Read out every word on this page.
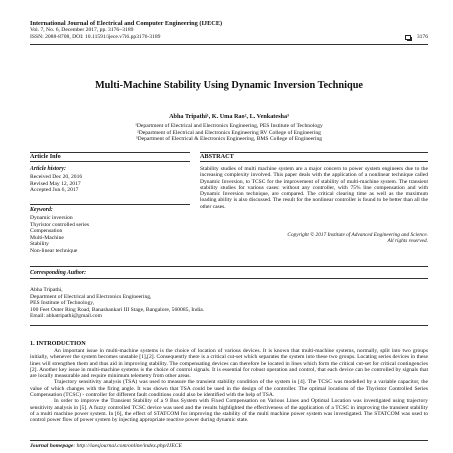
International Journal of Electrical and Computer Engineering (IJECE)
Vol. 7, No. 6, December 2017, pp. 3176~3189
ISSN: 2088-8708, DOI: 10.11591/ijece.v7i6.pp3176-3189	3176
Multi-Machine Stability Using Dynamic Inversion Technique
Abha Tripathi¹, K. Uma Rao², L. Venkatesha³
¹Department of Electrical and Electronics Engineering, PES Institute of Technology
²Department of Electrical and Electronics Engineering RV College of Engineering
³Department of Electrical & Electronics Engineering, BMS College of Engineering
Article Info	ABSTRACT
Article history:
Received Dec 20, 2016
Revised May 12, 2017
Accepted Jun 6, 2017
Keyword:
Dynamic inversion
Thyristor controlled series
Compensation
Multi-Machine
Stability
Non-linear technique
Stability studies of multi machine system are a major concern to power system engineers due to the increasing complexity involved. This paper deals with the application of a nonlinear technique called Dynamic Inversion, to TCSC for the improvement of stability of multi-machine system. The transient stability studies for various cases: without any controller, with 75% line compensation and with Dynamic Inversion technique, are compared. The critical clearing time as well as the maximum loading ability is also discussed. The result for the nonlinear controller is found to be better than all the other cases.
Copyright © 2017 Institute of Advanced Engineering and Science.
All rights reserved.
Corresponding Author:
Abha Tripathi,
Department of Electrical and Electronics Engineering,
PES Institute of Technology,
100 Feet Outer Ring Road, Banashankari III Stage, Bangalore, 560085, India.
Email: abhatripathi@gmail.com
1. INTRODUCTION

An important issue in multi-machine systems is the choice of location of various devices. It is known that multi-machine systems, normally, split into two groups initially, whenever the system becomes unstable [1],[2]. Consequently there is a critical cut-set which separates the system into these two groups. Locating series devices in these lines will strengthen them and thus aid in improving stability. The compensating devices can therefore be located in lines which form the critical cut-set for critical contingencies [2]. Another key issue in multi-machine systems is the choice of control signals. It is essential for robust operation and control, that each device can be controlled by signals that are locally measurable and require minimum telemetry from other areas.

Trajectory sensitivity analysis (TSA) was used to measure the transient stability condition of the system in [4]. The TCSC was modelled by a variable capacitor, the value of which changes with the firing angle. It was shown that TSA could be used in the design of the controller. The optimal locations of the Thyristor Controlled Series Compensation (TCSC) - controller for different fault conditions could also be identified with the help of TSA.

In order to improve the Transient Stability of a 9 Bus System with Fixed Compensation on Various Lines and Optimal Location was investigated using trajectory sensitivity analysis in [5]. A fuzzy controlled TCSC device was used and the results highlighted the effectiveness of the application of a TCSC in improving the transient stability of a multi machine power system. In [6], the effect of STATCOM for improving the stability of the multi machine power system was investigated. The STATCOM was used to control power flow of power system by injecting appropriate reactive power during dynamic state.

Journal homepage: http://iaesjournal.com/online/index.php/IJECE
